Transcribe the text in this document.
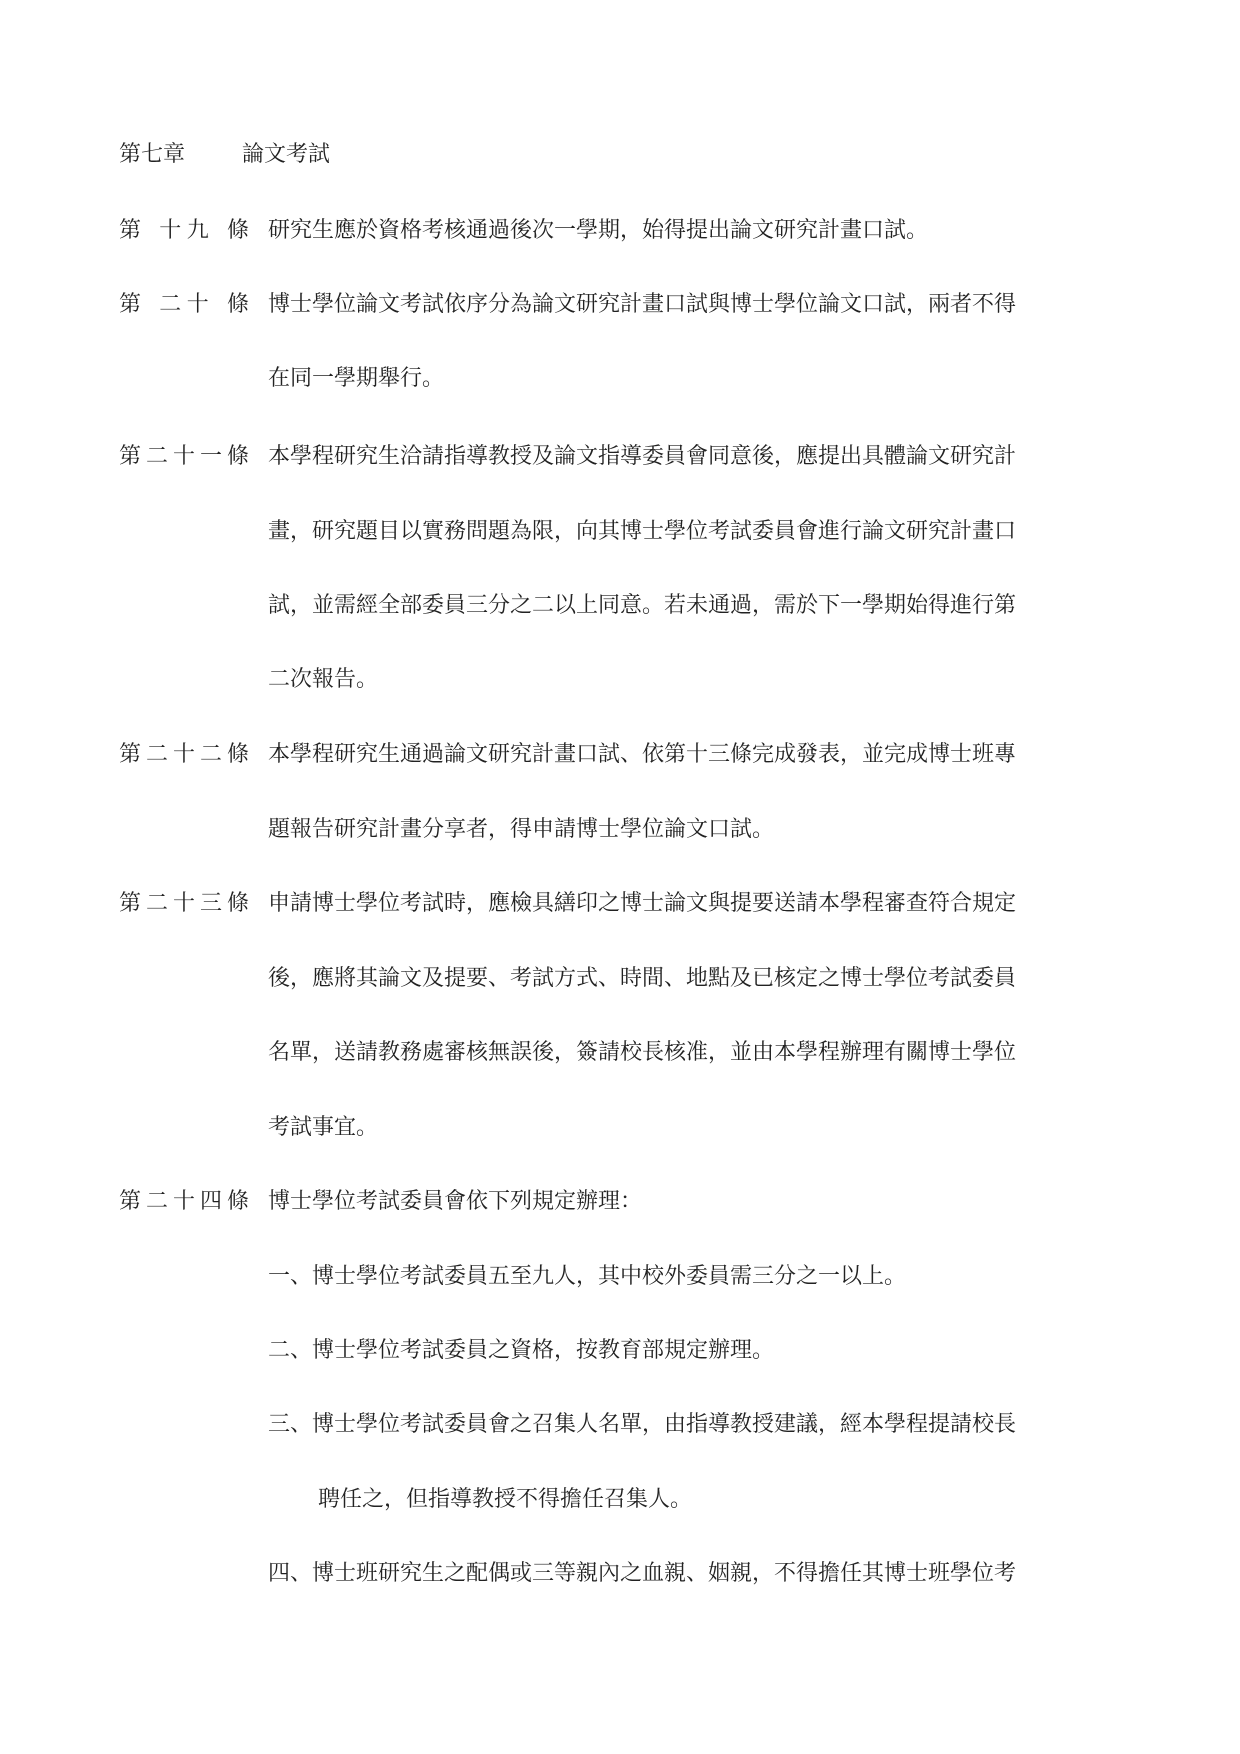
第七章	論文考試
第 十九 條 研究生應於資格考核通過後次一學期，始得提出論文研究計畫口試。
第 二十 條 博士學位論文考試依序分為論文研究計畫口試與博士學位論文口試，兩者不得
在同一學期舉行。
第二十一條 本學程研究生洽請指導教授及論文指導委員會同意後，應提出具體論文研究計
畫，研究題目以實務問題為限，向其博士學位考試委員會進行論文研究計畫口
試，並需經全部委員三分之二以上同意。若未通過，需於下一學期始得進行第
二次報告。
第二十二條 本學程研究生通過論文研究計畫口試、依第十三條完成發表，並完成博士班專
題報告研究計畫分享者，得申請博士學位論文口試。
第二十三條 申請博士學位考試時，應檢具繕印之博士論文與提要送請本學程審查符合規定
後，應將其論文及提要、考試方式、時間、地點及已核定之博士學位考試委員
名單，送請教務處審核無誤後，簽請校長核准，並由本學程辦理有關博士學位
考試事宜。
第二十四條 博士學位考試委員會依下列規定辦理：
一、博士學位考試委員五至九人，其中校外委員需三分之一以上。
二、博士學位考試委員之資格，按教育部規定辦理。
三、博士學位考試委員會之召集人名單，由指導教授建議，經本學程提請校長
聘任之，但指導教授不得擔任召集人。
四、博士班研究生之配偶或三等親內之血親、姻親，不得擔任其博士班學位考
